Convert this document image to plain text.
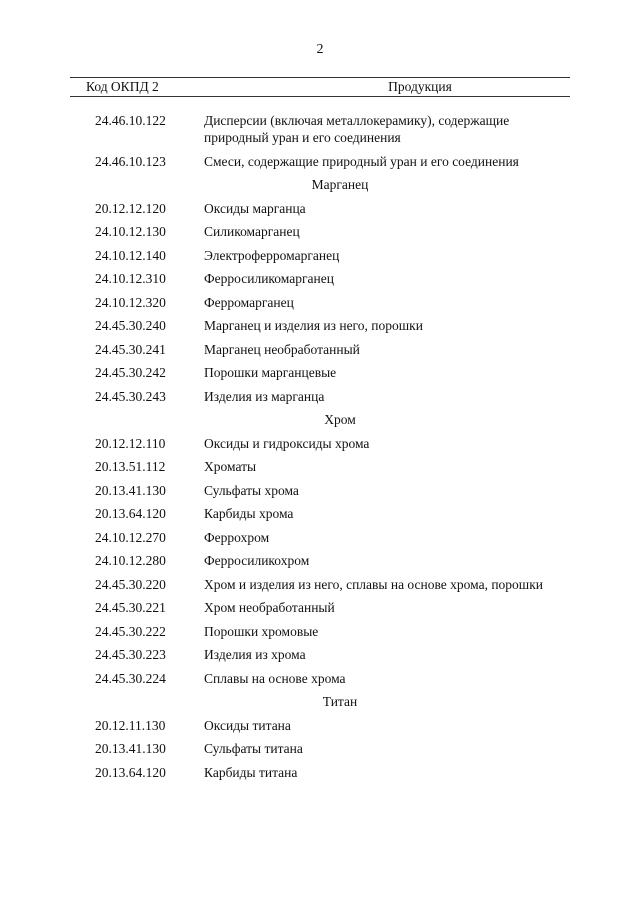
2
Код ОКПД 2	Продукция
24.46.10.122	Дисперсии (включая металлокерамику), содержащие природный уран и его соединения
24.46.10.123	Смеси, содержащие природный уран и его соединения
Марганец
20.12.12.120	Оксиды марганца
24.10.12.130	Силикомарганец
24.10.12.140	Электроферромарганец
24.10.12.310	Ферросиликомарганец
24.10.12.320	Ферромарганец
24.45.30.240	Марганец и изделия из него, порошки
24.45.30.241	Марганец необработанный
24.45.30.242	Порошки марганцевые
24.45.30.243	Изделия из марганца
Хром
20.12.12.110	Оксиды и гидроксиды хрома
20.13.51.112	Хроматы
20.13.41.130	Сульфаты хрома
20.13.64.120	Карбиды хрома
24.10.12.270	Феррохром
24.10.12.280	Ферросиликохром
24.45.30.220	Хром и изделия из него, сплавы на основе хрома, порошки
24.45.30.221	Хром необработанный
24.45.30.222	Порошки хромовые
24.45.30.223	Изделия из хрома
24.45.30.224	Сплавы на основе хрома
Титан
20.12.11.130	Оксиды титана
20.13.41.130	Сульфаты титана
20.13.64.120	Карбиды титана
